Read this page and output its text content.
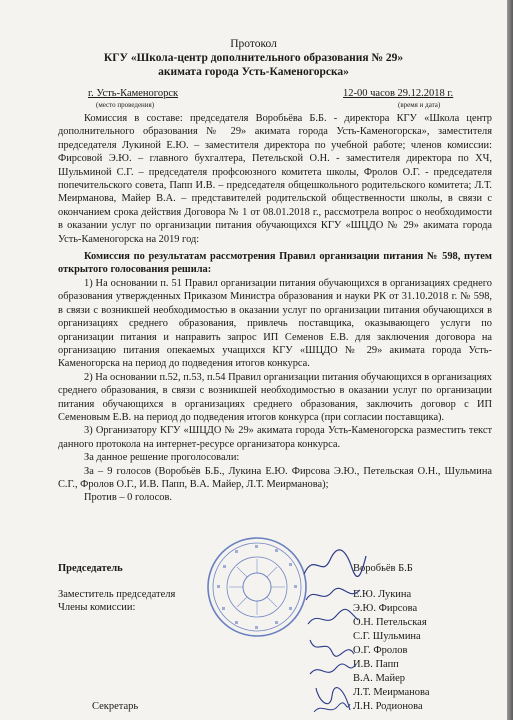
Протокол
КГУ «Школа-центр дополнительного образования № 29»
акимата города Усть-Каменогорска»
г. Усть-Каменогорск
(место проведения)
12-00 часов 29.12.2018 г.
(время и дата)

Комиссия в составе: председателя Воробьёва Б.Б. - директора КГУ «Школа центр дополнительного образования № 29» акимата города Усть-Каменогорска», заместителя председателя Лукиной Е.Ю. – заместителя директора по учебной работе; членов комиссии: Фирсовой Э.Ю. – главного бухгалтера, Петельской О.Н. - заместителя директора по ХЧ, Шульминой С.Г. – председателя профсоюзного комитета школы, Фролов О.Г. - председателя попечительского совета, Папп И.В. – председателя общешкольного родительского комитета; Л.Т. Меирманова, Майер В.А. – представителей родительской общественности школы, в связи с окончанием срока действия Договора № 1 от 08.01.2018 г., рассмотрела вопрос о необходимости в оказании услуг по организации питания обучающихся КГУ «ШЦДО № 29» акимата города Усть-Каменогорска на 2019 год:

Комиссия по результатам рассмотрения Правил организации питания № 598, путем открытого голосования решила:

1) На основании п. 51 Правил организации питания обучающихся в организациях среднего образования утвержденных Приказом Министра образования и науки РК от 31.10.2018 г. № 598, в связи с возникшей необходимостью в оказании услуг по организации питания обучающихся в организациях среднего образования, привлечь поставщика, оказывающего услуги по организации питания и направить запрос ИП Семенов Е.В. для заключения договора на организацию питания опекаемых учащихся КГУ «ШЦДО № 29» акимата города Усть-Каменогорска на период до подведения итогов конкурса.

2) На основании п.52, п.53, п.54 Правил организации питания обучающихся в организациях среднего образования, в связи с возникшей необходимостью в оказании услуг по организации питания обучающихся в организациях среднего образования, заключить договор с ИП Семеновым Е.В. на период до подведения итогов конкурса (при согласии поставщика).

3) Организатору КГУ «ШЦДО № 29» акимата города Усть-Каменогорска разместить текст данного протокола на интернет-ресурсе организатора конкурса.

За данное решение проголосовали:

За – 9 голосов (Воробьёв Б.Б., Лукина Е.Ю. Фирсова Э.Ю., Петельская О.Н., Шульмина С.Г., Фролов О.Г., И.В. Папп, В.А. Майер, Л.Т. Меирманова);

Против – 0 голосов.

Председатель	Воробьёв Б.Б
Заместитель председателя
Члены комиссии:
Е.Ю. Лукина
Э.Ю. Фирсова
О.Н. Петельская
С.Г. Шульмина
О.Г. Фролов
И.В. Папп
В.А. Майер
Л.Т. Меирманова
Л.Н. Родионова
Секретарь
